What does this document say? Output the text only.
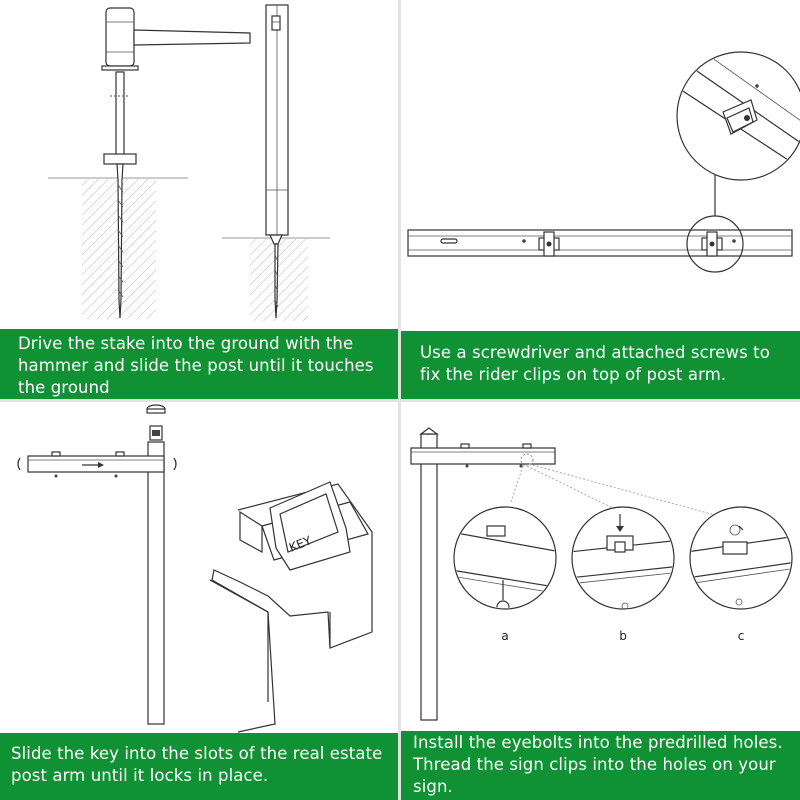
Drive the stake into the ground with the
hammer and slide the post until it touches
the ground
Use a screwdriver and attached screws to
fix the rider clips on top of post arm.
KEY
Slide the key into the slots of the real estate
post arm until it locks in place.
a	b	c
Install the eyebolts into the predrilled holes.
Thread the sign clips into the holes on your
sign.
